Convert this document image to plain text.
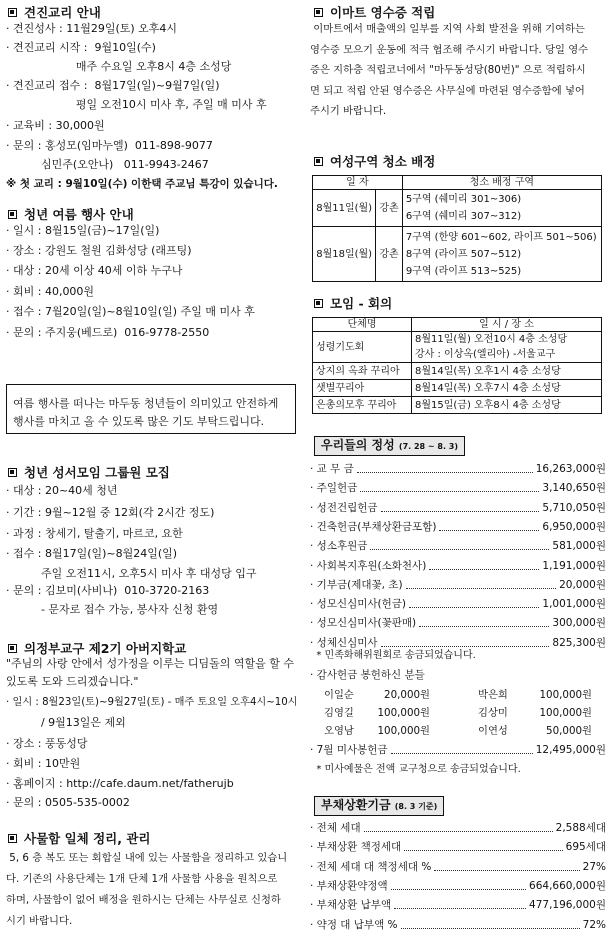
견진교리 안내
· 견진성사 : 11월29일(토) 오후4시
· 견진교리 시작 :  9월10일(수)
매주 수요일 오후8시 4층 소성당
· 견진교리 접수 :  8월17일(일)~9월7일(일)
평일 오전10시 미사 후, 주일 매 미사 후
· 교육비 : 30,000원
· 문의 : 홍성모(임마누엘)  011-898-9077
심민주(오안나)   011-9943-2467
※ 첫 교리 : 9월10일(수) 이한택 주교님 특강이 있습니다.
청년 여름 행사 안내
· 일시 : 8월15일(금)~17일(일)
· 장소 : 강원도 철원 김화성당 (래프팅)
· 대상 : 20세 이상 40세 이하 누구나
· 회비 : 40,000원
· 접수 : 7월20일(일)~8월10일(일) 주일 매 미사 후
· 문의 : 주지웅(베드로)  016-9778-2550
여름 행사를 떠나는 마두동 청년들이 의미있고 안전하게
행사를 마치고 올 수 있도록 많은 기도 부탁드립니다.
청년 성서모임 그룹원 모집
· 대상 : 20~40세 청년
· 기간 : 9월~12월 중 12회(각 2시간 정도)
· 과정 : 창세기, 탈출기, 마르코, 요한
· 접수 : 8월17일(일)~8월24일(일)
주일 오전11시, 오후5시 미사 후 대성당 입구
· 문의 : 김보미(사비나)  010-3720-2163
- 문자로 접수 가능, 봉사자 신청 환영
의정부교구 제2기 아버지학교
"주님의 사랑 안에서 성가정을 이루는 디딤돌의 역할을 할 수
있도록 도와 드리겠습니다."
· 일시 : 8월23일(토)~9월27일(토) - 매주 토요일 오후4시~10시
/ 9월13일은 제외
· 장소 : 풍동성당
· 회비 : 10만원
· 홈페이지 : http://cafe.daum.net/fatherujb
· 문의 : 0505-535-0002
사물함 일체 정리, 관리
5, 6 층 복도 또는 회합실 내에 있는 사물함을 정리하고 있습니
다. 기존의 사용단체는 1개 단체 1개 사물함 사용을 원칙으로
하며, 사물함이 없어 배정을 원하시는 단체는 사무실로 신청하
시기 바랍니다.
이마트 영수증 적립
이마트에서 매출액의 일부를 지역 사회 발전을 위해 기여하는
영수증 모으기 운동에 적극 협조해 주시기 바랍니다. 당일 영수
증은 지하층 적립코너에서 "마두동성당(80번)" 으로 적립하시
면 되고 적립 안된 영수증은 사무실에 마련된 영수증함에 넣어
주시기 바랍니다.
여성구역 청소 배정
일 자		청소 배정 구역
8월11일(월)	강촌	5구역 (쉐미리 301~306)
6구역 (쉐미리 307~312)

8월18일(월)	강촌	7구역 (한양 601~602, 라이프 501~506)
8구역 (라이프 507~512)
9구역 (라이프 513~525)
모임 - 회의
단체명	일 시 / 장 소
성령기도회	8월11일(월) 오전10시 4층 소성당
강사 : 이상옥(엘리아) -서울교구

상지의 옥좌 꾸리아	8월14일(목) 오후1시 4층 소성당
샛별꾸리아	8월14일(목) 오후7시 4층 소성당
은총의모후 꾸리아	8월15일(금) 오후8시 4층 소성당
우리들의 정성 (7. 28 ~ 8. 3)
· 교 무 금	16,263,000원
· 주일헌금	3,140,650원
· 성전건립헌금	5,710,050원
· 건축헌금(부채상환금포함)	6,950,000원
· 성소후원금	581,000원
· 사회복지후원(소화천사)	1,191,000원
· 기부금(제대꽃, 초)	20,000원
· 성모신심미사(헌금)	1,001,000원
· 성모신심미사(꽃판매)	300,000원
· 성체신심미사	825,300원
* 민족화해위원회로 송금되었습니다.
· 감사헌금 봉헌하신 분들
이일순	20,000원	박은희	100,000원
김영길 100,000원	김상미	100,000원
오영남 100,000원	이연성	50,000원
· 7월 미사봉헌금	12,495,000원
* 미사예물은 전액 교구청으로 송금되었습니다.
부채상환기금 (8. 3 기준)
· 전체 세대	2,588세대
· 부채상환 책정세대	695세대
· 전체 세대 대 책정세대 %	27%
· 부채상환약정액	664,660,000원
· 부채상환 납부액	477,196,000원
· 약정 대 납부액 %	72%
